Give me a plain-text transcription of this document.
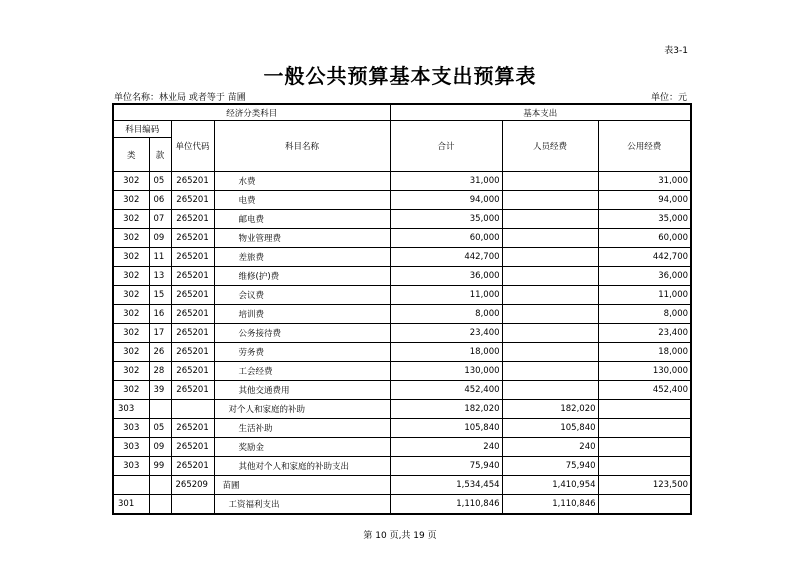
表3-1
一般公共预算基本支出预算表
单位名称：林业局 或者等于 苗圃	单位：元
经济分类科目				基本支出		
科目编码		单位代码	科目名称	合计	人员经费	公用经费
类	款					
302	05	265201	水费	31,000		31,000
302	06	265201	电费	94,000		94,000
302	07	265201	邮电费	35,000		35,000
302	09	265201	物业管理费	60,000		60,000
302	11	265201	差旅费	442,700		442,700
302	13	265201	维修(护)费	36,000		36,000
302	15	265201	会议费	11,000		11,000
302	16	265201	培训费	8,000		8,000
302	17	265201	公务接待费	23,400		23,400
302	26	265201	劳务费	18,000		18,000
302	28	265201	工会经费	130,000		130,000
302	39	265201	其他交通费用	452,400		452,400
303			对个人和家庭的补助	182,020	182,020	
303	05	265201	生活补助	105,840	105,840	
303	09	265201	奖励金	240	240	
303	99	265201	其他对个人和家庭的补助支出	75,940	75,940	
		265209	苗圃	1,534,454	1,410,954	123,500
301			工资福利支出	1,110,846	1,110,846	
第 10 页,共 19 页
